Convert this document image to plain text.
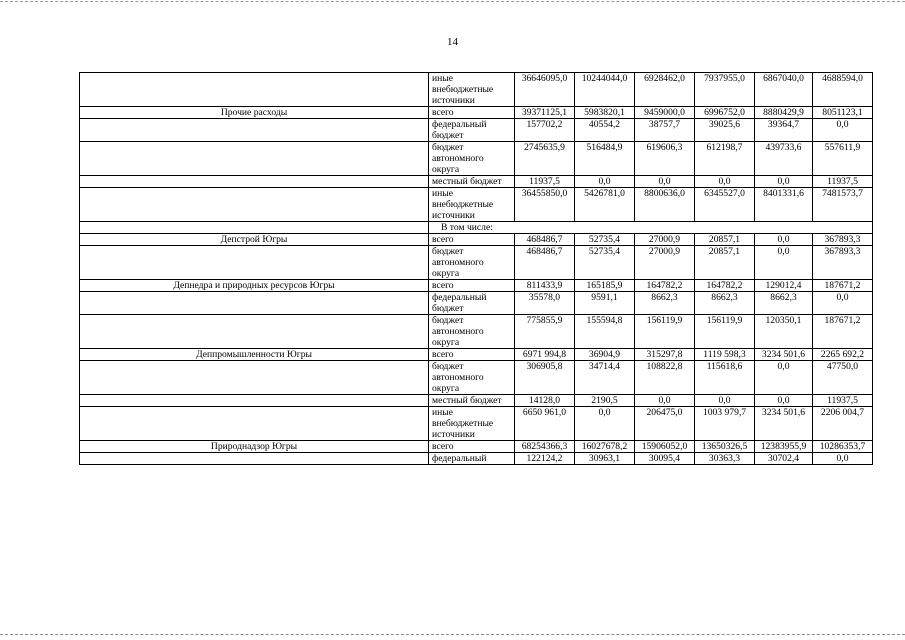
14
	иные внебюджетные источники	36646095,0	10244044,0	6928462,0	7937955,0	6867040,0	4688594,0
Прочие расходы	всего	39371125,1	5983820,1	9459000,0	6996752,0	8880429,9	8051123,1
	федеральный бюджет	157702,2	40554,2	38757,7	39025,6	39364,7	0,0
	бюджет автономного округа	2745635,9	516484,9	619606,3	612198,7	439733,6	557611,9
	местный бюджет	11937,5	0,0	0,0	0,0	0,0	11937,5
	иные внебюджетные источники	36455850,0	5426781,0	8800636,0	6345527,0	8401331,6	7481573,7
	В том числе:						
Депстрой Югры	всего	468486,7	52735,4	27000,9	20857,1	0,0	367893,3
	бюджет автономного округа	468486,7	52735,4	27000,9	20857,1	0,0	367893,3
Депнедра и природных ресурсов Югры	всего	811433,9	165185,9	164782,2	164782,2	129012,4	187671,2
	федеральный бюджет	35578,0	9591,1	8662,3	8662,3	8662,3	0,0
	бюджет автономного округа	775855,9	155594,8	156119,9	156119,9	120350,1	187671,2
Деппромышленности Югры	всего	6971 994,8	36904,9	315297,8	1119 598,3	3234 501,6	2265 692,2
	бюджет автономного округа	306905,8	34714,4	108822,8	115618,6	0,0	47750,0
	местный бюджет	14128,0	2190,5	0,0	0,0	0,0	11937,5
	иные внебюджетные источники	6650 961,0	0,0	206475,0	1003 979,7	3234 501,6	2206 004,7
Природнадзор Югры	всего	68254366,3	16027678,2	15906052,0	13650326,5	12383955,9	10286353,7
	федеральный	122124,2	30963,1	30095,4	30363,3	30702,4	0,0
